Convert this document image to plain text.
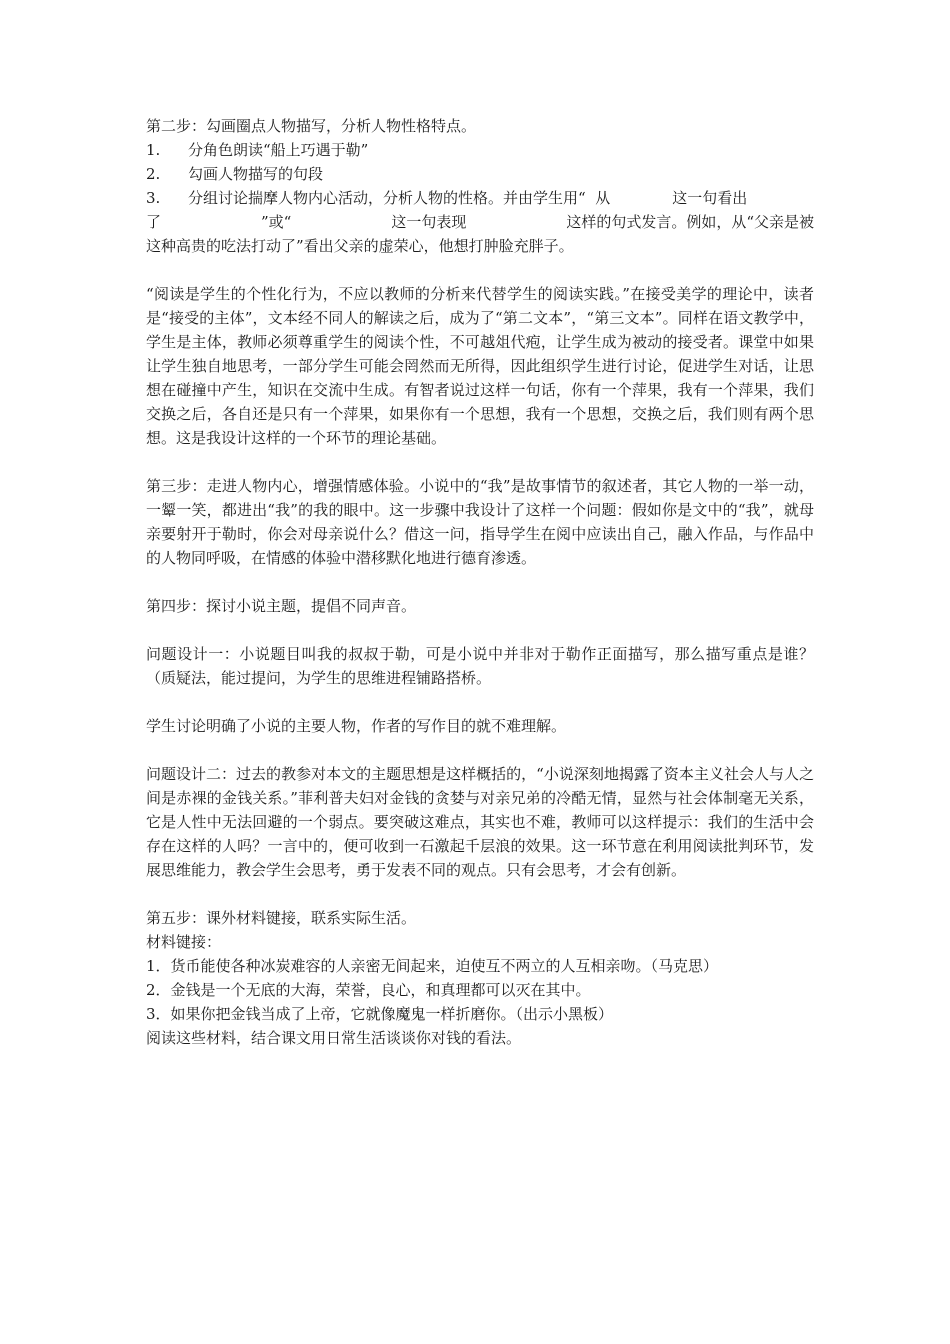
第二步：勾画圈点人物描写，分析人物性格特点。

1.	分角色朗读“船上巧遇于勒”
2.	勾画人物描写的句段
3.	分组讨论揣摩人物内心活动，分析人物的性格。并由学生用“  从             这一句看出
了	”或“	这一句表现	这样的句式发言。例如，从“父亲是被

这种高贵的吃法打动了”看出父亲的虚荣心，他想打肿脸充胖子。

“阅读是学生的个性化行为，不应以教师的分析来代替学生的阅读实践。”在接受美学的理论中，读者是“接受的主体”，文本经不同人的解读之后，成为了“第二文本”，“第三文本”。同样在语文教学中，学生是主体，教师必须尊重学生的阅读个性，不可越俎代疱，让学生成为被动的接受者。课堂中如果让学生独自地思考，一部分学生可能会罔然而无所得，因此组织学生进行讨论，促进学生对话，让思想在碰撞中产生，知识在交流中生成。有智者说过这样一句话，你有一个萍果，我有一个萍果，我们交换之后，各自还是只有一个萍果，如果你有一个思想，我有一个思想，交换之后，我们则有两个思想。这是我设计这样的一个环节的理论基础。

第三步：走进人物内心，增强情感体验。小说中的“我”是故事情节的叙述者，其它人物的一举一动，一颦一笑，都进出“我”的我的眼中。这一步骤中我设计了这样一个问题：假如你是文中的“我”，就母亲要射开于勒时，你会对母亲说什么？借这一问，指导学生在阅中应读出自己，融入作品，与作品中的人物同呼吸，在情感的体验中潜移默化地进行德育渗透。

第四步：探讨小说主题，提倡不同声音。

问题设计一：小说题目叫我的叔叔于勒，可是小说中并非对于勒作正面描写，那么描写重点是谁？（质疑法，能过提问，为学生的思维进程铺路搭桥。

学生讨论明确了小说的主要人物，作者的写作目的就不难理解。

问题设计二：过去的教参对本文的主题思想是这样概括的，“小说深刻地揭露了资本主义社会人与人之间是赤裸的金钱关系。”菲利普夫妇对金钱的贪婪与对亲兄弟的冷酷无情，显然与社会体制毫无关系，它是人性中无法回避的一个弱点。要突破这难点，其实也不难，教师可以这样提示：我们的生活中会存在这样的人吗？一言中的，便可收到一石激起千层浪的效果。这一环节意在利用阅读批判环节，发展思维能力，教会学生会思考，勇于发表不同的观点。只有会思考，才会有创新。

第五步：课外材料键接，联系实际生活。

材料键接：

1．货币能使各种冰炭难容的人亲密无间起来，迫使互不两立的人互相亲吻。（马克思）

2．金钱是一个无底的大海，荣誉，良心，和真理都可以灭在其中。

3．如果你把金钱当成了上帝，它就像魔鬼一样折磨你。（出示小黑板）

阅读这些材料，结合课文用日常生活谈谈你对钱的看法。
